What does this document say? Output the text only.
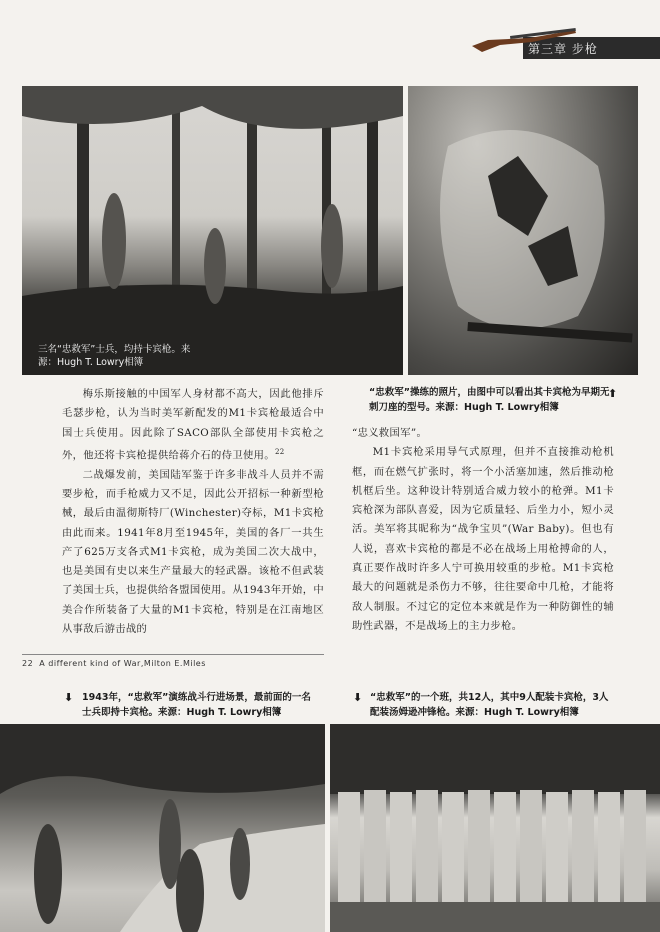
第三章 步枪
三名“忠救军”士兵，均持卡宾枪。来源：Hugh T. Lowry相簿
“忠救军”操练的照片，由图中可以看出其卡宾枪为早期无刺刀座的型号。来源：Hugh T. Lowry相簿
⬆

梅乐斯接触的中国军人身材都不高大，因此他排斥毛瑟步枪，认为当时美军新配发的M1卡宾枪最适合中国士兵使用。因此除了SACO部队全部使用卡宾枪之外，他还将卡宾枪提供给蒋介石的侍卫使用。$^{22}$

二战爆发前，美国陆军鉴于许多非战斗人员并不需要步枪，而手枪威力又不足，因此公开招标一种新型枪械，最后由温彻斯特厂(Winchester)夺标，M1卡宾枪由此而来。1941年8月至1945年，美国的各厂一共生产了625万支各式M1卡宾枪，成为美国二次大战中，也是美国有史以来生产量最大的轻武器。该枪不但武装了美国士兵，也提供给各盟国使用。从1943年开始，中美合作所装备了大量的M1卡宾枪，特别是在江南地区从事敌后游击战的

“忠义救国军”。

M1卡宾枪采用导气式原理，但并不直接推动枪机框，而在燃气扩张时，将一个小活塞加速，然后推动枪机框后坐。这种设计特别适合威力较小的枪弹。M1卡宾枪深为部队喜爱，因为它质量轻、后坐力小，短小灵活。美军将其昵称为“战争宝贝”(War Baby)。但也有人说，喜欢卡宾枪的都是不必在战场上用枪搏命的人，真正要作战时许多人宁可换用较重的步枪。M1卡宾枪最大的问题就是杀伤力不够，往往要命中几枪，才能将敌人制服。不过它的定位本来就是作为一种防御性的辅助性武器，不是战场上的主力步枪。

22 A different kind of War,Milton E.Miles
⬇ 1943年，“忠救军”演练战斗行进场景，最前面的一名士兵即持卡宾枪。来源：Hugh T. Lowry相簿
⬇ “忠救军”的一个班，共12人，其中9人配装卡宾枪，3人配装汤姆逊冲锋枪。来源：Hugh T. Lowry相簿
